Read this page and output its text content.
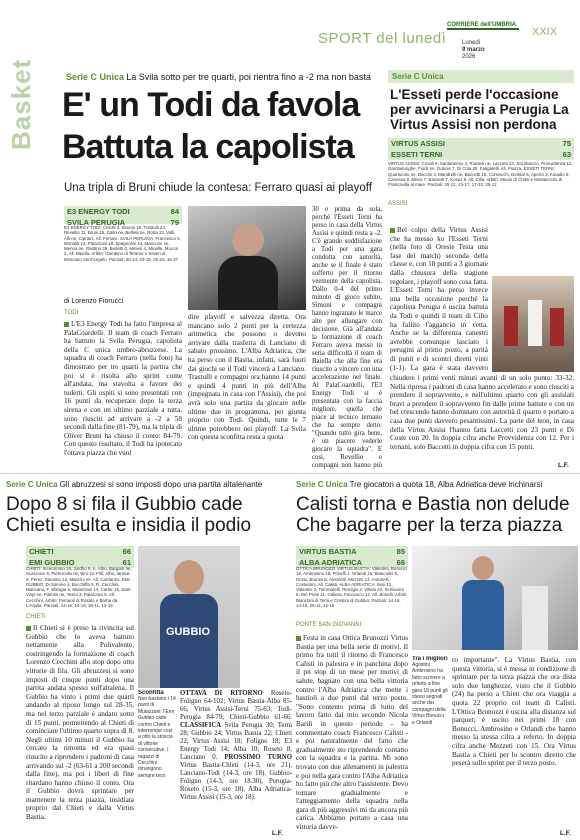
SPORT del lunedì
CORRIERE dell'UMBRIA
Lunedì
9 marzo
2026
XXIX
Basket	Serie C Unica La Svila sotto per tre quarti, poi rientra fino a -2 ma non basta
E' un Todi da favola
Battuta la capolista
Una tripla di Bruni chiude la contesa: Ferraro quasi ai playoff
E3 ENERGY TODI	84
SVILA PERUGIA	79
E3 ENERGY TODI: Cerulli 3, Simoni 19, Trastulli 24, Revellio 11, Bruni 15, Gallo ne, Bellina ne, Rotta 13, Valli, Alfi ne, Cipriani. All. Ferraro. SVILA PERUGIA: Francesco 5, Monaldi 14, Palazzoni 18, Spagnolini 14, Mancuso ne, Menna ne, Rantino 26, Bedetti 0, Minieri 4, Minella, Mooza 2. All. Baiella. Arbitri: Gambino di Teramo e Saveri di Moscano Sant'Angelo. Parziali: 20-14, 23-15, 25-23, 16-27
di Lorenzo Fiorucci
TODI
L'E3 Energy Todi ha fatto l'impresa al PalaCoardelli. Il team di coach Ferraro ha battuto la Svila Perugia, capolista della C unica umbro-abruzzese. La squadra di coach Ferraro (nella foto) ha dimostrato per tre quarti la partita che poi si è risolta allo sprint come all'andata, ma stavolta a favore dei tuderti. Gli ospiti si sono presentati con 16 punti da recuperare dopo la terza sirena e con un ultimo parziale a tutta, sono riusciti ad arrivare a -2 a 58 secondi dalla fine (81-79), ma la tripla di Oliver Bruni ha chiuso il conto: 84-79. Con questo risultato, il Todi ha ipotecato l'ottava piazza che vuol
dire playoff e salvezza diretta. Ora mancano solo 2 punti per la certezza aritmetica che possono o devono arrivare dalla trasferta di Lanciano di sabato prossimo. L'Alba Adriatica, che ha perso con il Bastia, infatti, sarà fuori dai giochi se il Todi vincerà a Lanciano. Trastulli e compagni ora hanno 14 punti e quindi 4 punti in più dell'Alba (impegnata in casa con l'Assisi), che poi avrà solo una partita da giocare nelle ultime due in programma, per giunta proprio con Todi. Quindi, tutte le 7 ultime potrebbero nei playoff. La Svila con questa sconfitta resta a quota
30 e prima da sola, perché l'Esseti Terni ha perso in casa della Virtus Assisi e quindi resta a -2. C'è grande soddisfazione a Todi per una gara condotta con autorità, anche se il finale è stato sofferto per il ritorno veemente della capolista. Dallo 0-4 del primo minuto di gioco subito, Simoni e compagni hanno ingranato le marce alte per allungare con decisione. Già all'andata la formazione di coach Ferraro aveva messo in seria difficoltà il team di Baiella che alla fine era riuscito a vincere con una accelerazione nel finale. Al PalaCoardelli, l'E3 Energy Todi si è presentata con la faccia migliore, quella che piace al tecnico ternano che ha sempre detto: "Quando tutto gira bene, è un piacere vederle giocare la squadra". E così, Revellio e compagni non hanno più
Serie C Unica
L'Esseti perde l'occasione per avvicinarsi a Perugia La Virtus Assisi non perdona
VIRTUS ASSISI	75
ESSETI TERNI	63
VIRTUS ASSISI: Covali 9, Santantonio 4, Rosseti ne, Laccetti 23, Scimbaccio, Provvidenza 12, Gambelunghe, Fiorili ne, Dubois 7, Di Cola 20, Fatigatelli. All. Piazza. ESSETI TERNI: Quartucolo ne, Baccini 4, Mandrelli ne, Baccetti 15, Cornacchi, Dorklar 5, Aperto 2, Amadio 6, Canossa 8, Meira 7, Bassetti 7, Kosuz 9. All. Cilia. Arbitri: Muoio di Chieti e Mostacciolo di Francavilla al mare. Parziali: 20-12, 13-17, 17-22, 25-12
ASSISI
Bel colpo della Virtus Assisi che ha messo ko l'Esseti Terni (nella foto di Oreste Testa una fase del match) seconda della classe e, con 18 punti a 3 giornate dalla chiusura della stagione regolare, i playoff sono cosa fatta. L'Esseti Terni ha perso invece una bella occasione perché la capolista Perugia è uscita battuta da Todi e quindi il team di Cilio ha fallito l'aggancio in vetta. Anche se la differenza canestri avrebbe comunque lasciato i perugini al primo posto, a parità di punti e di scontri diretti vinti (1-1). La gara è stata davvero
chiudere i primi venti minuti avanti di un solo punto: 33-32. Nella ripresa i padroni di casa hanno accelerato e sono riusciti a prendere il sopravvento, e nell'ultimo quarto con gli assisiati bravi a prendere il sopravvento fin dalle prime battute e con un bel crescendo hanno dominato con autorità il quarto e portato a casa due punti davvero pesantissimi. La parte del leon, in casa della Virtus Assisi l'hanno fatta Laccetti con 23 punti e Di Coste con 20. In doppia cifra anche Provvidenza con 12. Per i ternani, solo Baccetti in doppia cifra con 15 punti.
L.F.
Serie C Unica Gli abruzzesi si sono imposti dopo una partita altalenante
Dopo 8 si fila il Gubbio cade Chieti esulta e insidia il podio
CHIETI	66
EMI GUBBIO	61
CHIETI: Incerommo 19, Jurdho 9, A. Albu, Bargam ne, Scarossio 5, Pietrocolla ne, Bini 13, Fillì, Albu, Iannuli 6, Perez, Sannino 12, Mancini ne. All. Cardarnio. EMI GUBBIO: Di Simone 4, Bocchiffa 5, R. Cecchini, Mancano, F. Sbragia 5, Mulazzani 14, Carter 15, Sanf. Vispi ne, Fiamini ne, Tesini 3, Palazzani 5. All. Cecchini. Arbitri: Ferraioli di Rosato e Barba da L'Aquila. Parziali: 14-16, 14-19, 26-11, 12-15
CHIETI
Il Chieti si è preso la rivincita sul Gubbio che lo aveva battuto nettamente alla Polivalente, costringendo la formazione di coach Lorenzo Cecchini allo stop dopo otto vittorie di fila. Gli abruzzesi si sono imposti di cinque punti dopo una partita andata spesso sull'altalena. Il Gubbio ha vinto i primi due quarti andando al riposo lungo sul 28-35, ma nel terzo parziale è andato sotto di 15 punti, permettendo al Chieti di cominciare l'ultimo quarto sopra di 8. Negli ultimi 10 minuti il Gubbio ha cercato la rimonta ed era quasi riuscito a riprendere i padroni di casa arrivando sul -2 (63-61 a 200 secondi dalla fine), ma poi i liberi di fine ritardano hanno chiuso il conto. Ora il Gubbio dovrà sprintare per mantenere la terza piazza, insidiata proprio dal Chieti e dalla Virtus Bastia.
GUBBIO
Sconfitta
Non bastano i 14 punti di Mulazzani: l'Emi Gubbio cade contro Chieti e interrompe così a otto la striscia di vittorie consecutive. I ragazzi di Cecchini rimangono sempre terzi
OTTAVA DI RITORNO Roseto-Foligno 64-102; Virtus Bastia-Alba 85-66, Virtus Assisi-Terni 75-63; Todi-Perugia 84-79; Chieti-Gubbio 61-66. CLASSIFICA Svila Perugia 30; Terni 28; Gubbio 24; Virtus Bastia 22; Chieti 22; Virtus Assisi 18; Foligno 18; E3 Energy Todi 14; Alba 10; Roseto 8; Lanciano 0. PROSSIMO TURNO Virtus Bastia-Chieti (14-3, ore 21), Lanciano-Todi (14-3, ore 18). Gubbio-Foligno (14-3, ore 18.30), Perugia-Roseto (15-3, ore 18). Alba Adriatica-Virtus Assisi (15-3, ore 18).
L.F.
Serie C Unica Tre giocatori a quota 18, Alba Adriatica deve inchinarsi
Calisti torna e Bastia non delude Che bagarre per la terza piazza
VIRTUS BASTIA	85
ALBA ADRIATICA	66
OTTICA BRUNOZZI VIRTUS BASTIA: Valentini, Bonnoci 18, Ambrosino 18, Prinelli 1, Orlandi 15, Biancolini 5, Rossi, Brunini 8, Antonelli, Mezzeti 13, Antonelli, Costantini. All. Calisti. ALBA ADRIATICA: Sesi 12, Valentini 2, Tommarelli, Remigio 2, Villani 22, Schiavoni 5, Del Prete 11, Gallera, Facciocco 12. All. Bonelli. Arbitri: Bianchini di Terni e Crestini di Gubbio. Parziali: 14-16, 14-19, 26-11, 12-15
PONTE SAN GIOVANNI
Festa in casa Ottica Brunozzi Virtus Bastia per una bella serie di motivi. Il primo fra tutti il ritorno di Francesco Calisti in palestra e in panchina dopo il pit stop di un mese per motivi di salute, bagnato con una bella vittoria contro l'Alba Adriatica che mette i bastioli a due punti dal terzo posto. "Sono contento prima di tutto del lavoro fatto dal mio secondo Nicola Barili in questo periodo - ha commentato coach Francesco Calisti - e poi naturalmente del fatto che gradualmente sto riprendendo contatto con la squadra e la partita. Mi sono trovato con due allenamenti in palestra e poi nella gara contro l'Alba Adriatica ho fatto più che altro l'assistente. Devo tornare gradualmente e l'atteggiamento della squadra nella gara di più aggressivi mi da ancora più carica. Abbiamo portato a casa una vittoria davve-
Tra i migliori
Agostini Ambrosino ha fatto scrivere a referto a fine gara 18 punti gli stessi segnati anche dai compagni della Virtus Bonucci e Orlandi
ro importante". La Virtus Bastia, con questa vittoria, si è messa in condizione di sprintare per la terza piazza che ora dista solo due lunghezze, visto che il Gubbio (24) ha perso a Chieti che ora viaggia a quota 22 proprio col team di Calisti. L'Ottica Brunozzi è uscita alla distanza sul parquet; è uscito nei primi 18 con Bonucci, Ambrosino e Orlandi che hanno messo la stessa cifra a referto. In doppia cifra anche Mezzeti con 15. Ora Virtus Bastia a Chieti per lo scontro diretto che peserà sullo sprint per il terzo posto.
L.F.
